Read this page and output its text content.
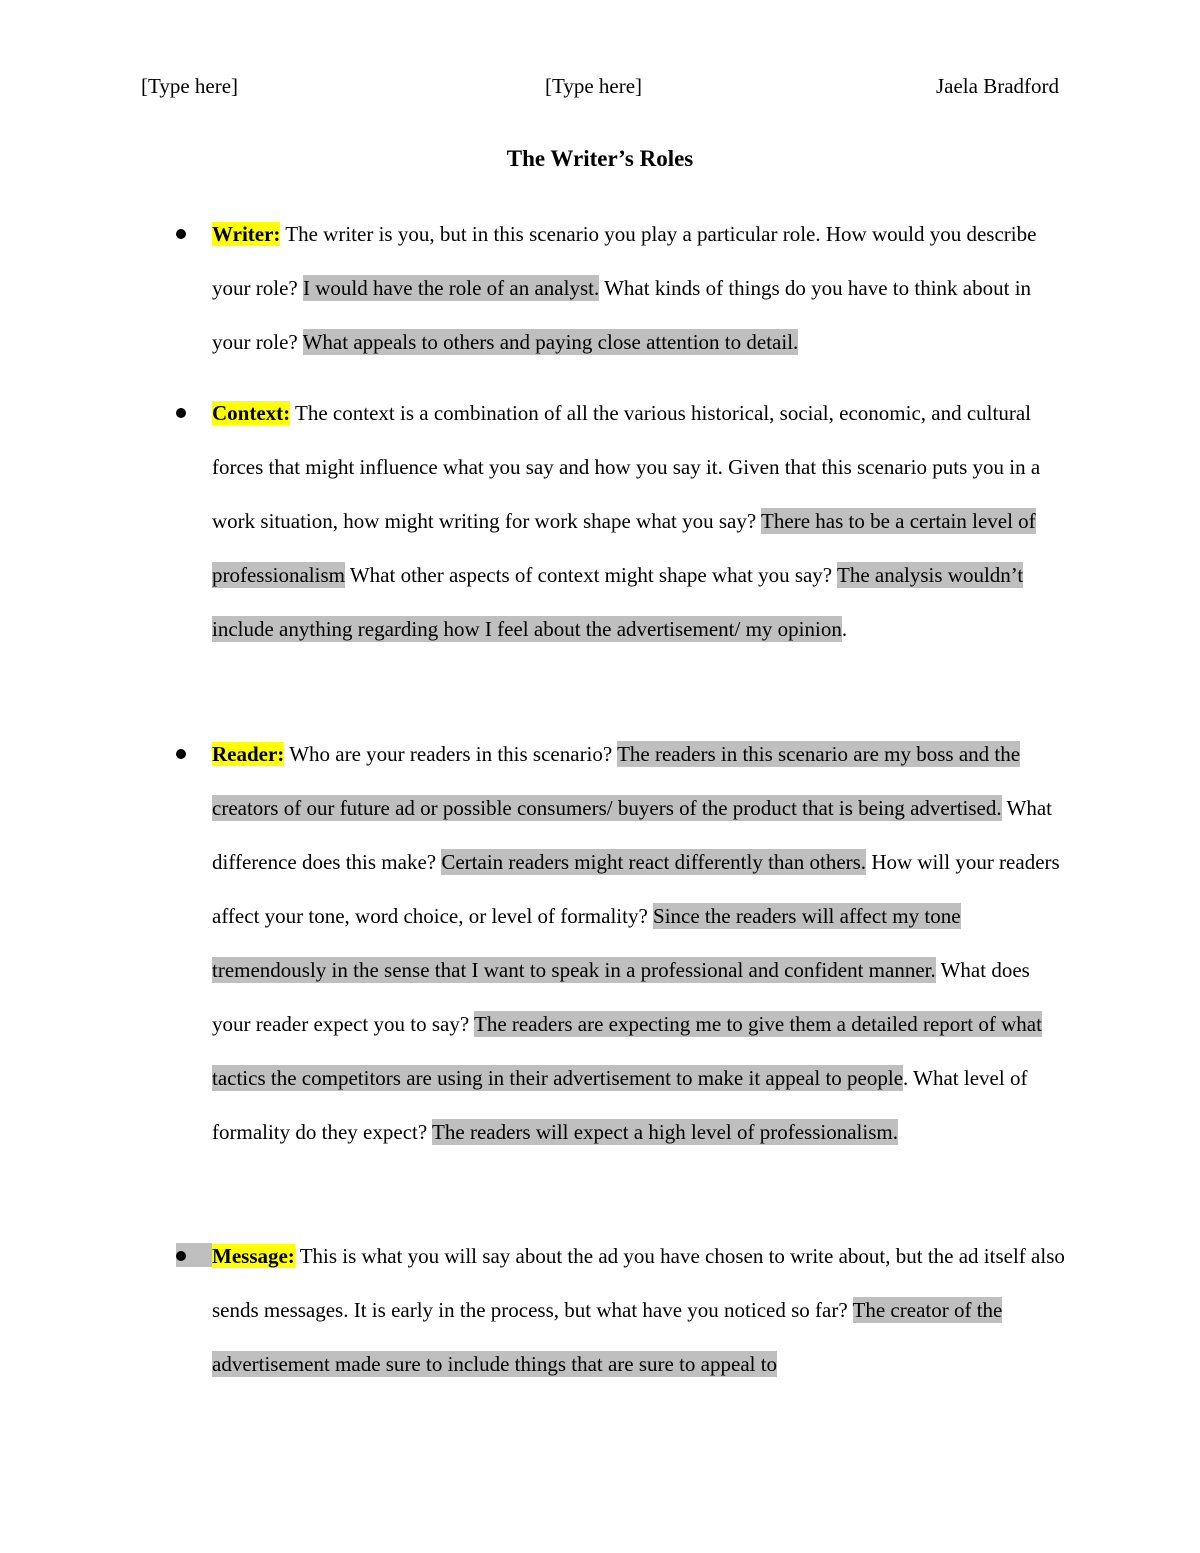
[Type here]	[Type here]	Jaela Bradford
The Writer’s Roles
Writer: The writer is you, but in this scenario you play a particular role. How would you describe your role? I would have the role of an analyst. What kinds of things do you have to think about in your role? What appeals to others and paying close attention to detail.
Context: The context is a combination of all the various historical, social, economic, and cultural forces that might influence what you say and how you say it. Given that this scenario puts you in a work situation, how might writing for work shape what you say? There has to be a certain level of professionalism What other aspects of context might shape what you say? The analysis wouldn’t include anything regarding how I feel about the advertisement/ my opinion.
Reader: Who are your readers in this scenario? The readers in this scenario are my boss and the creators of our future ad or possible consumers/ buyers of the product that is being advertised. What difference does this make? Certain readers might react differently than others. How will your readers affect your tone, word choice, or level of formality? Since the readers will affect my tone tremendously in the sense that I want to speak in a professional and confident manner. What does your reader expect you to say? The readers are expecting me to give them a detailed report of what tactics the competitors are using in their advertisement to make it appeal to people. What level of formality do they expect? The readers will expect a high level of professionalism.
Message: This is what you will say about the ad you have chosen to write about, but the ad itself also sends messages. It is early in the process, but what have you noticed so far? The creator of the advertisement made sure to include things that are sure to appeal to
